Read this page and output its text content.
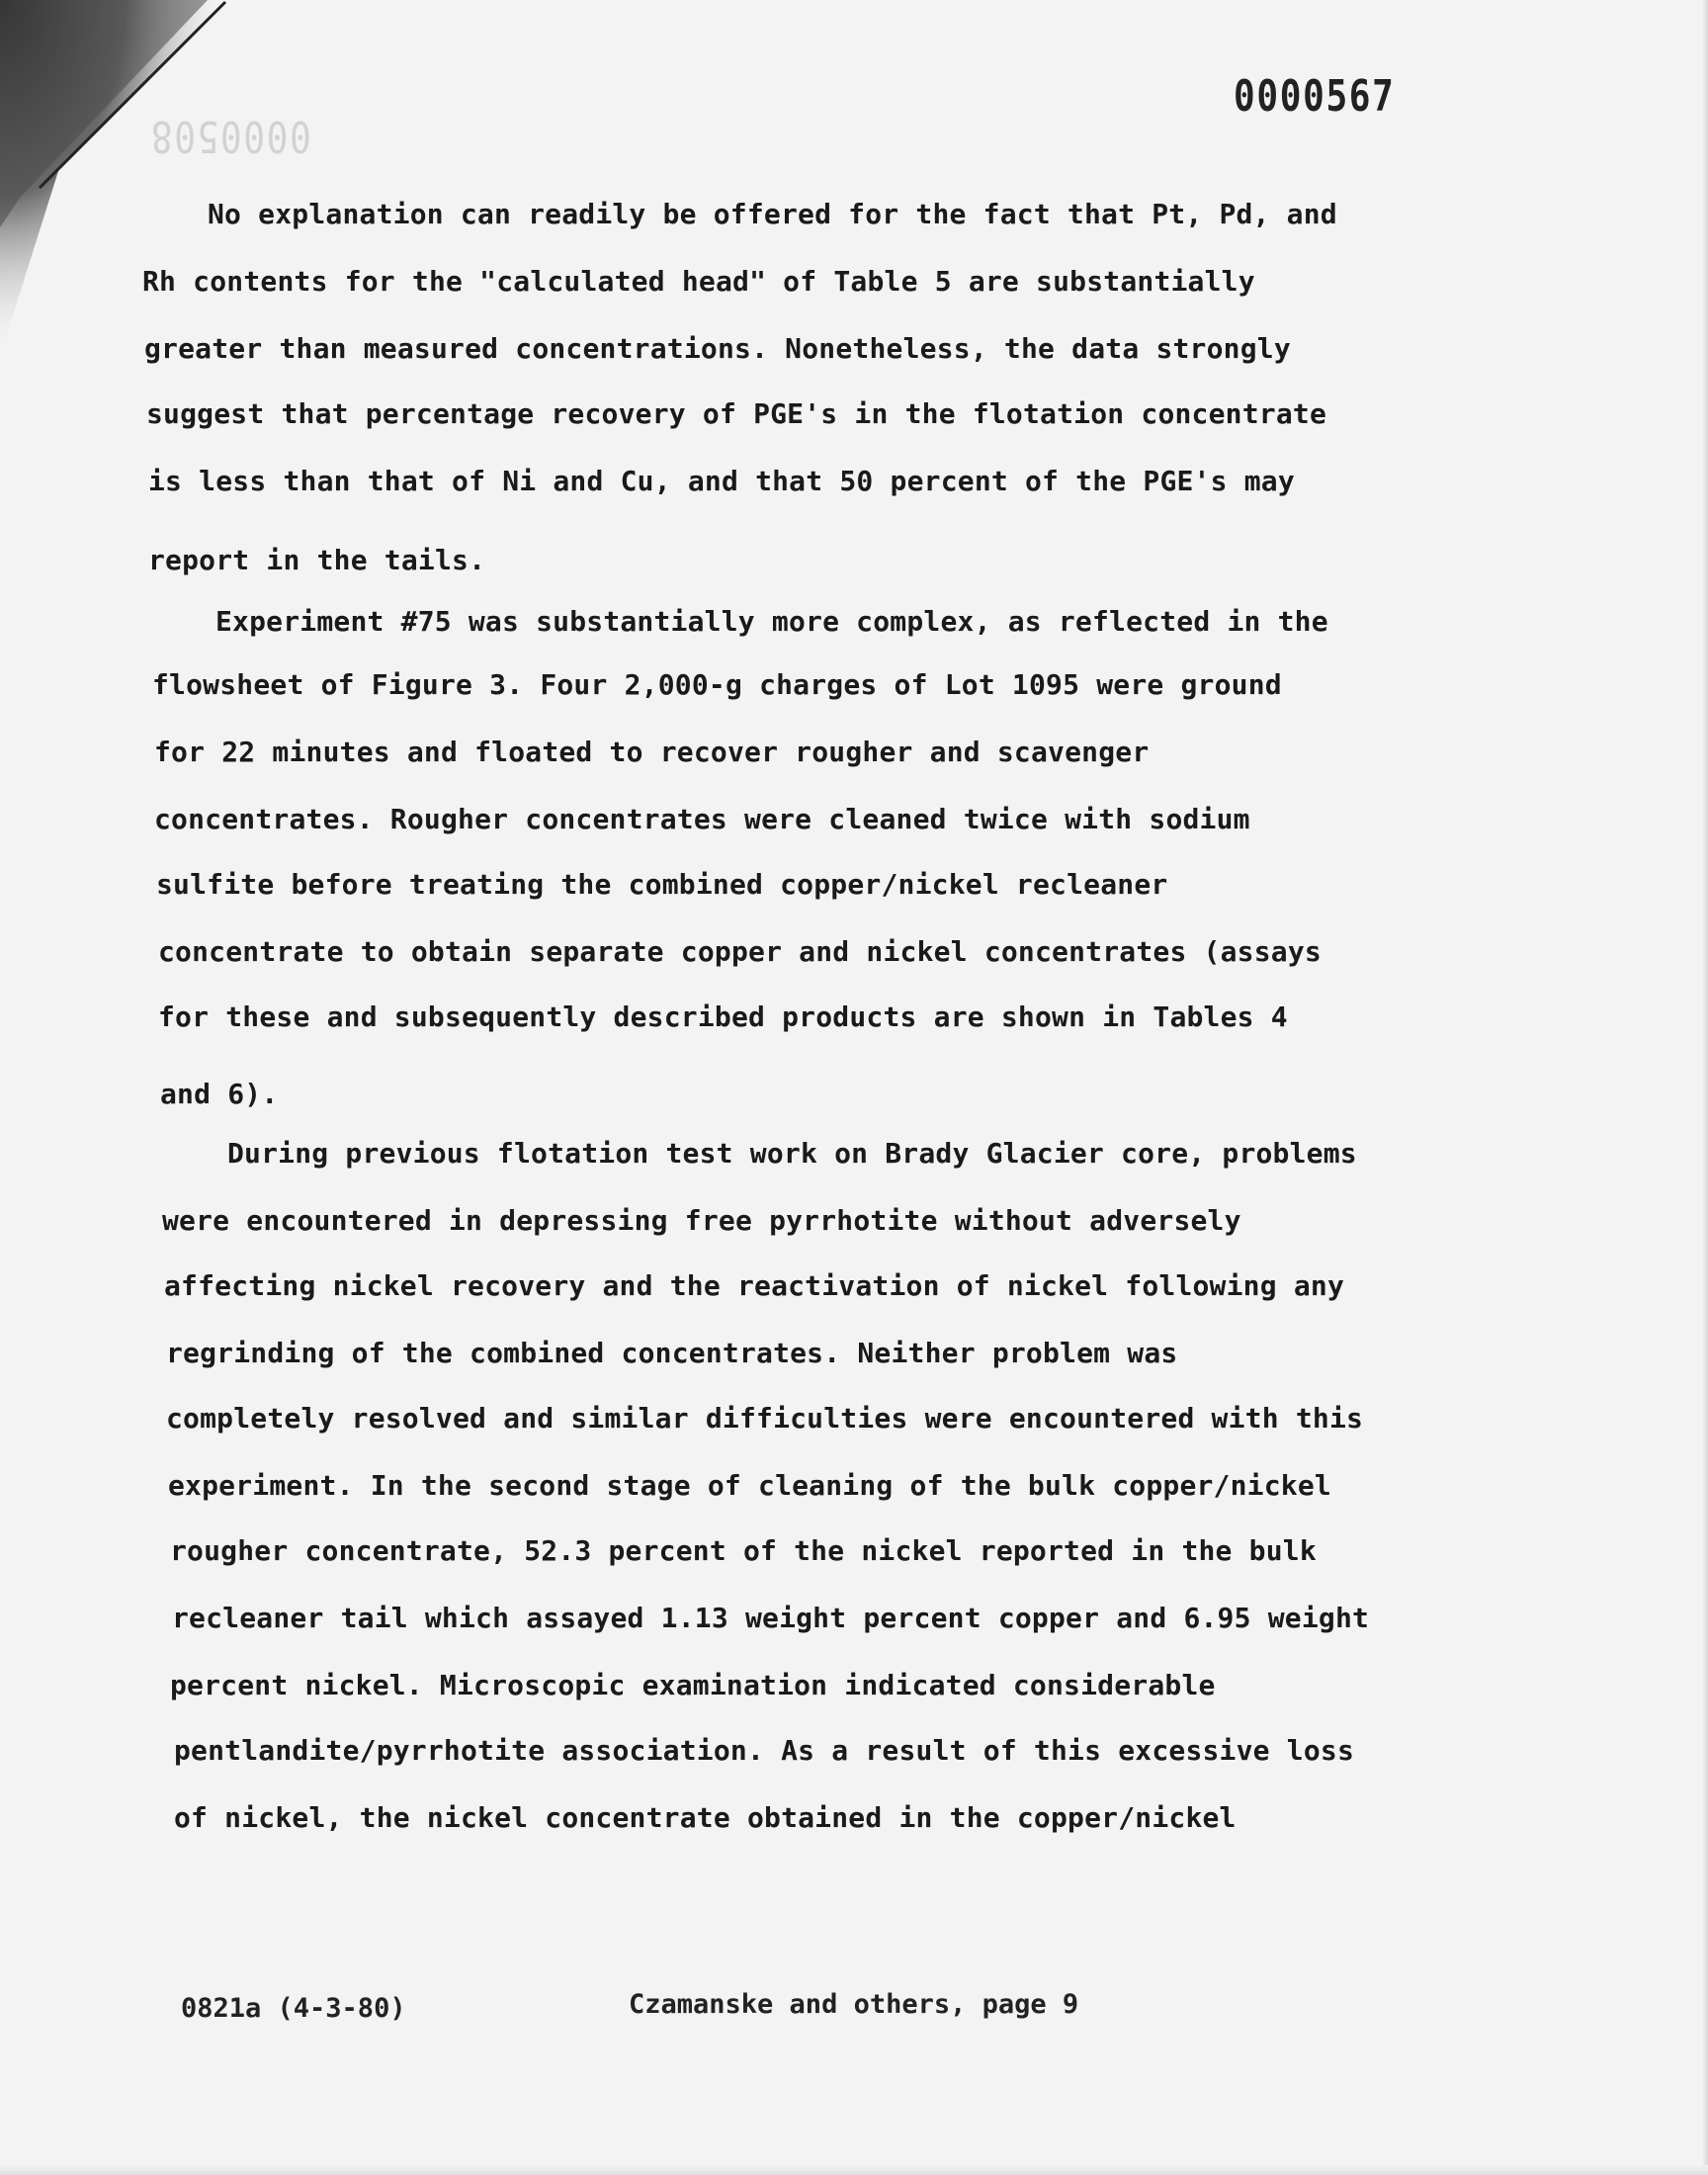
0000508
0000567
No explanation can readily be offered for the fact that Pt, Pd, and
Rh contents for the "calculated head" of Table 5 are substantially
greater than measured concentrations. Nonetheless, the data strongly
suggest that percentage recovery of PGE's in the flotation concentrate
is less than that of Ni and Cu, and that 50 percent of the PGE's may
report in the tails.
Experiment #75 was substantially more complex, as reflected in the
flowsheet of Figure 3. Four 2,000-g charges of Lot 1095 were ground
for 22 minutes and floated to recover rougher and scavenger
concentrates. Rougher concentrates were cleaned twice with sodium
sulfite before treating the combined copper/nickel recleaner
concentrate to obtain separate copper and nickel concentrates (assays
for these and subsequently described products are shown in Tables 4
and 6).
During previous flotation test work on Brady Glacier core, problems
were encountered in depressing free pyrrhotite without adversely
affecting nickel recovery and the reactivation of nickel following any
regrinding of the combined concentrates. Neither problem was
completely resolved and similar difficulties were encountered with this
experiment. In the second stage of cleaning of the bulk copper/nickel
rougher concentrate, 52.3 percent of the nickel reported in the bulk
recleaner tail which assayed 1.13 weight percent copper and 6.95 weight
percent nickel. Microscopic examination indicated considerable
pentlandite/pyrrhotite association. As a result of this excessive loss
of nickel, the nickel concentrate obtained in the copper/nickel
0821a (4-3-80)	Czamanske and others, page 9
